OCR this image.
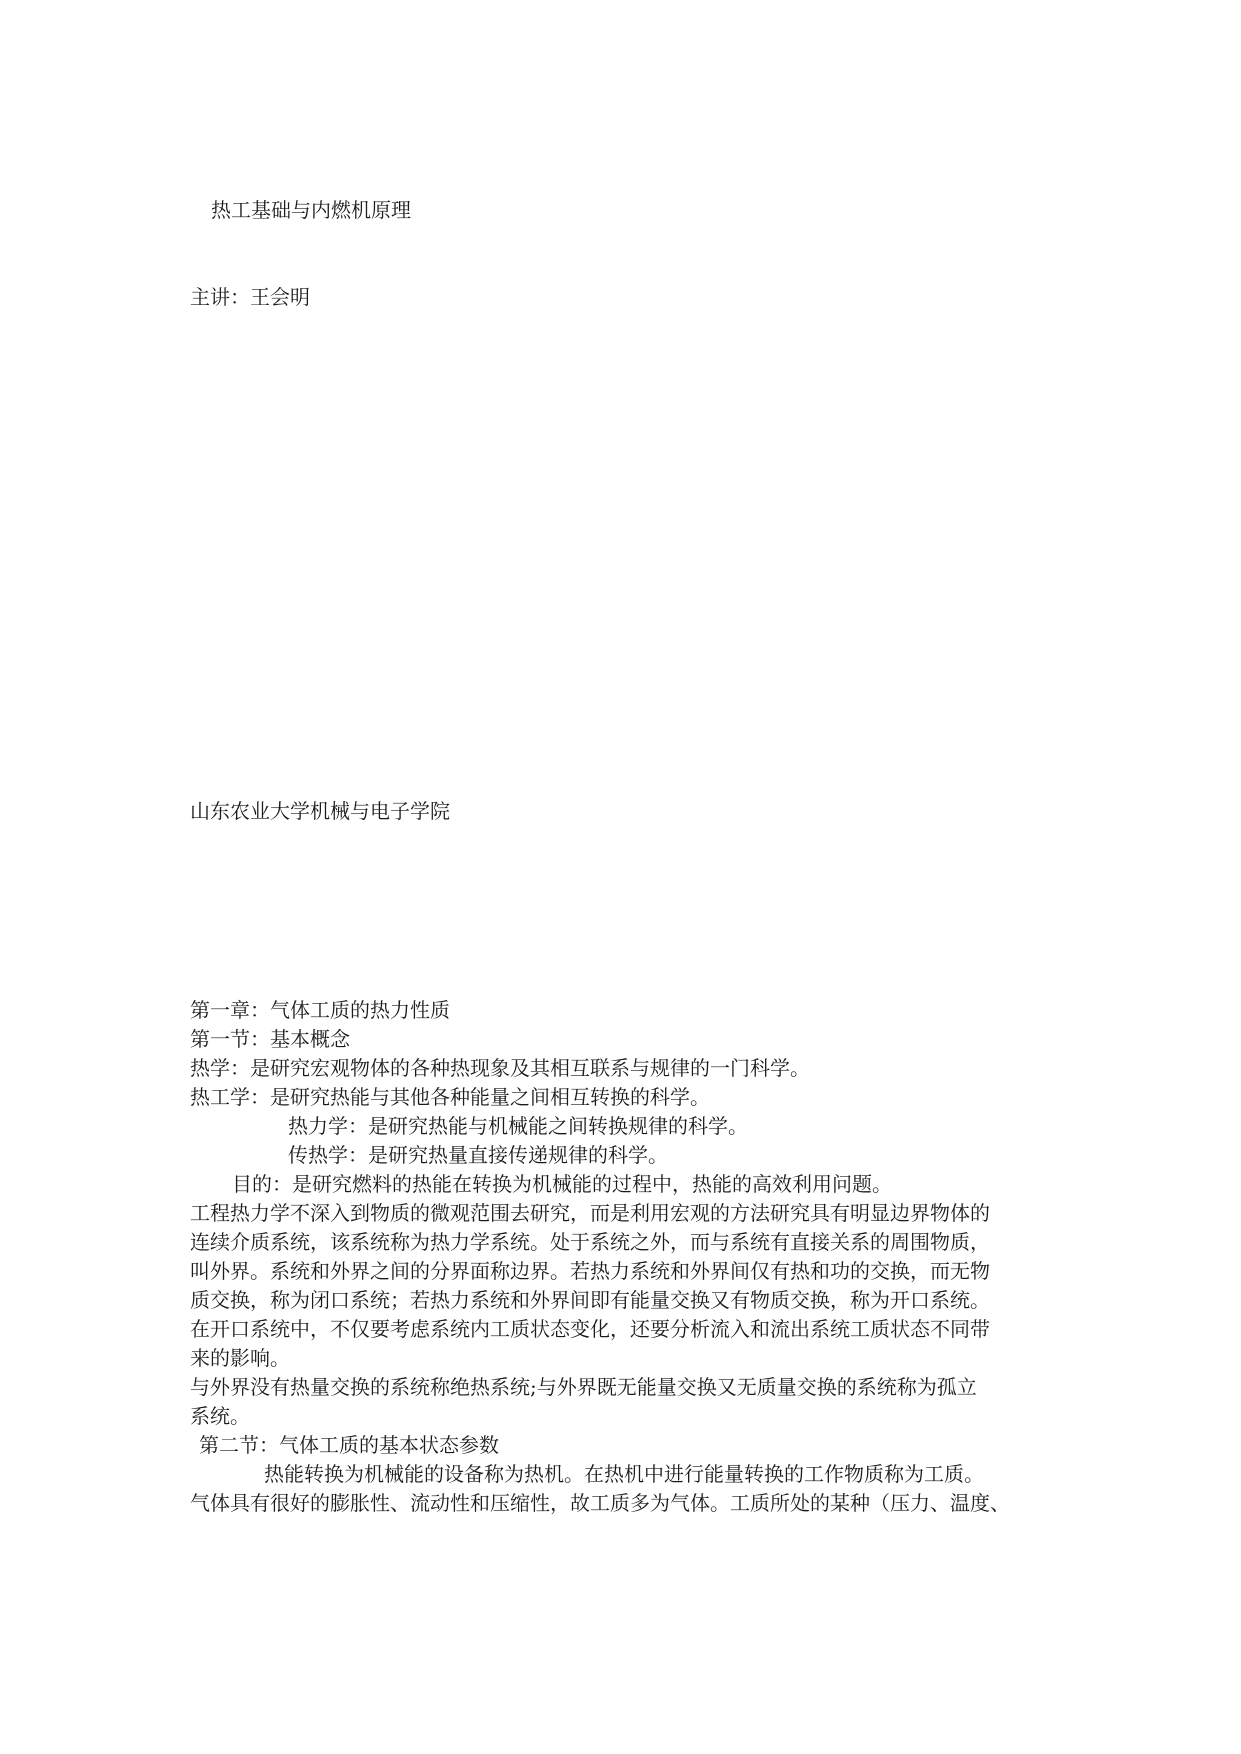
热工基础与内燃机原理
主讲：王会明
山东农业大学机械与电子学院
第一章：气体工质的热力性质
第一节：基本概念
热学：是研究宏观物体的各种热现象及其相互联系与规律的一门科学。
热工学：是研究热能与其他各种能量之间相互转换的科学。
热力学：是研究热能与机械能之间转换规律的科学。
传热学：是研究热量直接传递规律的科学。
目的：是研究燃料的热能在转换为机械能的过程中，热能的高效利用问题。
工程热力学不深入到物质的微观范围去研究，而是利用宏观的方法研究具有明显边界物体的
连续介质系统，该系统称为热力学系统。处于系统之外，而与系统有直接关系的周围物质，
叫外界。系统和外界之间的分界面称边界。若热力系统和外界间仅有热和功的交换，而无物
质交换，称为闭口系统；若热力系统和外界间即有能量交换又有物质交换，称为开口系统。
在开口系统中，不仅要考虑系统内工质状态变化，还要分析流入和流出系统工质状态不同带
来的影响。
与外界没有热量交换的系统称绝热系统;与外界既无能量交换又无质量交换的系统称为孤立
系统。
第二节：气体工质的基本状态参数
热能转换为机械能的设备称为热机。在热机中进行能量转换的工作物质称为工质。
气体具有很好的膨胀性、流动性和压缩性，故工质多为气体。工质所处的某种（压力、温度、
